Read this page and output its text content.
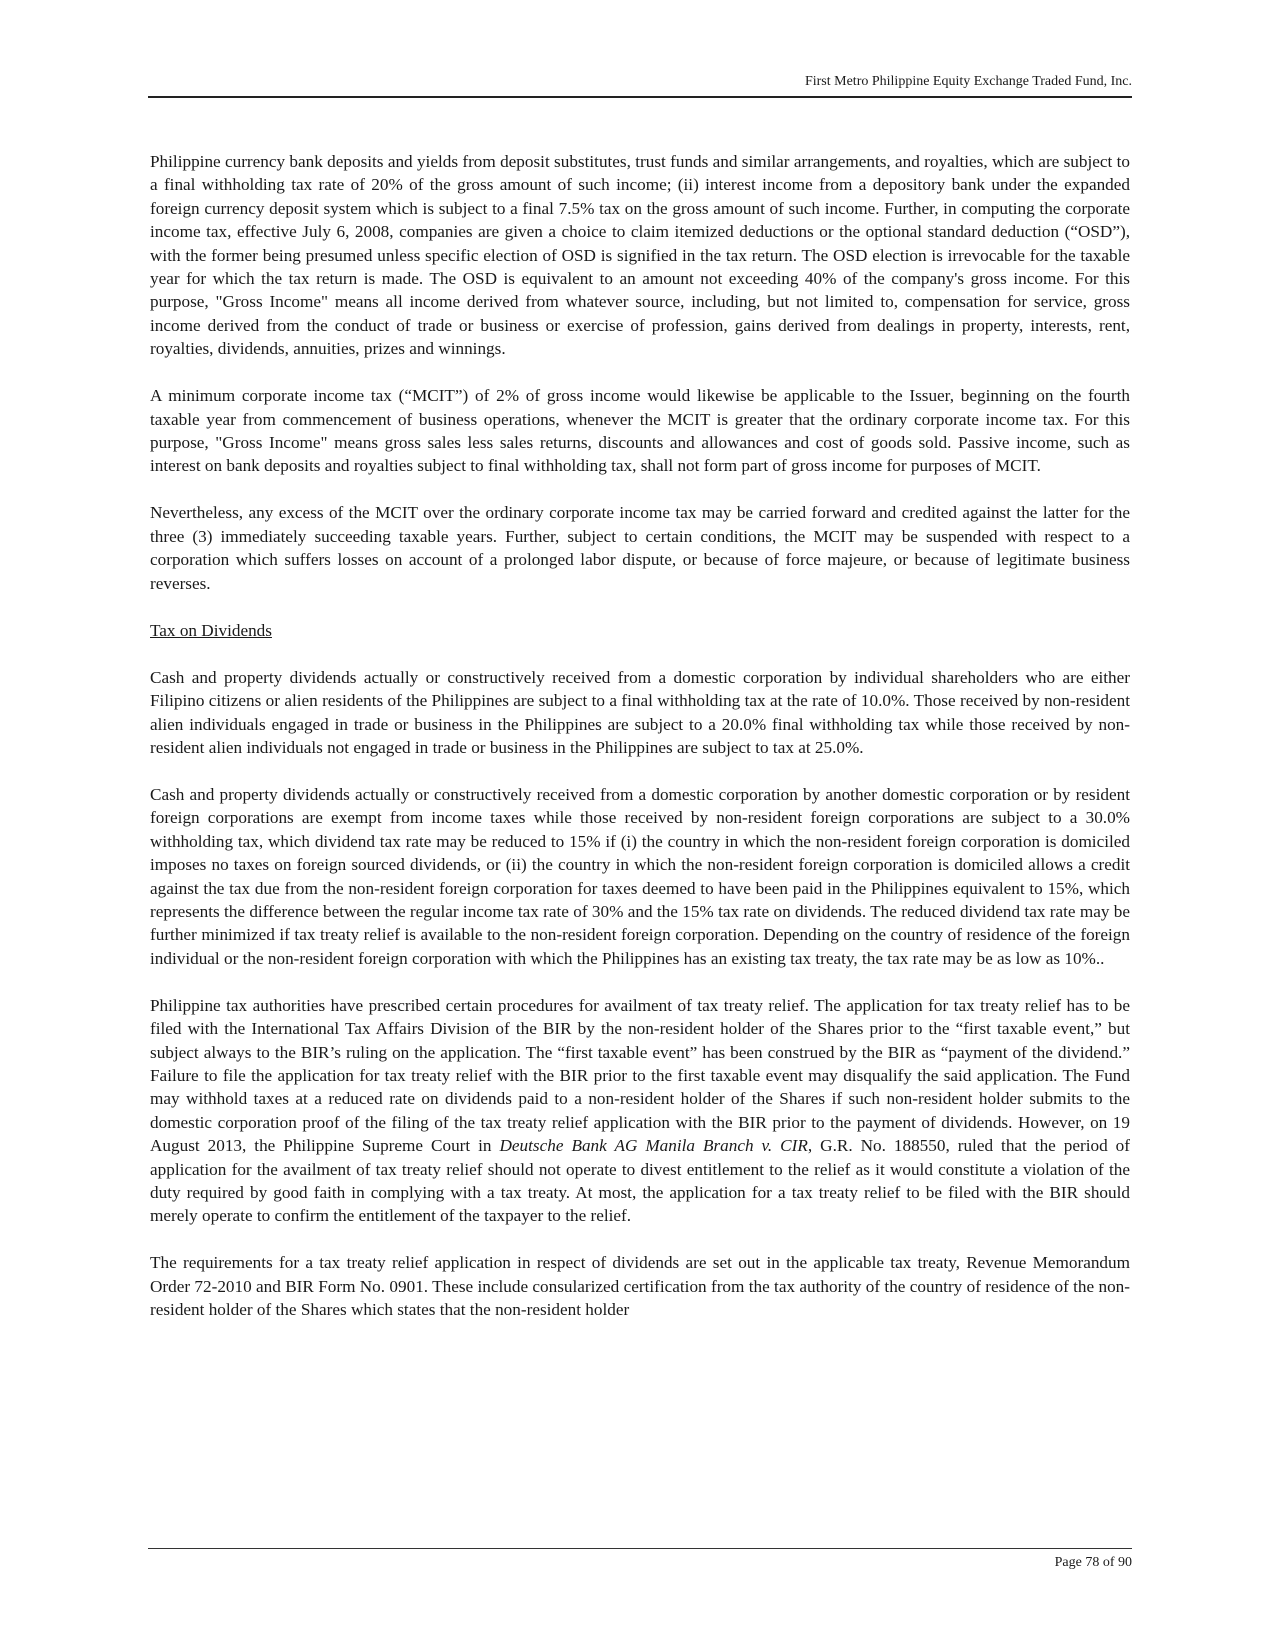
First Metro Philippine Equity Exchange Traded Fund, Inc.

Philippine currency bank deposits and yields from deposit substitutes, trust funds and similar arrangements, and royalties, which are subject to a final withholding tax rate of 20% of the gross amount of such income; (ii) interest income from a depository bank under the expanded foreign currency deposit system which is subject to a final 7.5% tax on the gross amount of such income. Further, in computing the corporate income tax, effective July 6, 2008, companies are given a choice to claim itemized deductions or the optional standard deduction (“OSD”), with the former being presumed unless specific election of OSD is signified in the tax return. The OSD election is irrevocable for the taxable year for which the tax return is made. The OSD is equivalent to an amount not exceeding 40% of the company's gross income. For this purpose, "Gross Income" means all income derived from whatever source, including, but not limited to, compensation for service, gross income derived from the conduct of trade or business or exercise of profession, gains derived from dealings in property, interests, rent, royalties, dividends, annuities, prizes and winnings.

A minimum corporate income tax (“MCIT”) of 2% of gross income would likewise be applicable to the Issuer, beginning on the fourth taxable year from commencement of business operations, whenever the MCIT is greater that the ordinary corporate income tax. For this purpose, "Gross Income" means gross sales less sales returns, discounts and allowances and cost of goods sold. Passive income, such as interest on bank deposits and royalties subject to final withholding tax, shall not form part of gross income for purposes of MCIT.

Nevertheless, any excess of the MCIT over the ordinary corporate income tax may be carried forward and credited against the latter for the three (3) immediately succeeding taxable years. Further, subject to certain conditions, the MCIT may be suspended with respect to a corporation which suffers losses on account of a prolonged labor dispute, or because of force majeure, or because of legitimate business reverses.

Tax on Dividends

Cash and property dividends actually or constructively received from a domestic corporation by individual shareholders who are either Filipino citizens or alien residents of the Philippines are subject to a final withholding tax at the rate of 10.0%. Those received by non-resident alien individuals engaged in trade or business in the Philippines are subject to a 20.0% final withholding tax while those received by non-resident alien individuals not engaged in trade or business in the Philippines are subject to tax at 25.0%.

Cash and property dividends actually or constructively received from a domestic corporation by another domestic corporation or by resident foreign corporations are exempt from income taxes while those received by non-resident foreign corporations are subject to a 30.0% withholding tax, which dividend tax rate may be reduced to 15% if (i) the country in which the non-resident foreign corporation is domiciled imposes no taxes on foreign sourced dividends, or (ii) the country in which the non-resident foreign corporation is domiciled allows a credit against the tax due from the non-resident foreign corporation for taxes deemed to have been paid in the Philippines equivalent to 15%, which represents the difference between the regular income tax rate of 30% and the 15% tax rate on dividends. The reduced dividend tax rate may be further minimized if tax treaty relief is available to the non-resident foreign corporation. Depending on the country of residence of the foreign individual or the non-resident foreign corporation with which the Philippines has an existing tax treaty, the tax rate may be as low as 10%..

Philippine tax authorities have prescribed certain procedures for availment of tax treaty relief. The application for tax treaty relief has to be filed with the International Tax Affairs Division of the BIR by the non-resident holder of the Shares prior to the “first taxable event,” but subject always to the BIR’s ruling on the application. The “first taxable event” has been construed by the BIR as “payment of the dividend.” Failure to file the application for tax treaty relief with the BIR prior to the first taxable event may disqualify the said application. The Fund may withhold taxes at a reduced rate on dividends paid to a non-resident holder of the Shares if such non-resident holder submits to the domestic corporation proof of the filing of the tax treaty relief application with the BIR prior to the payment of dividends. However, on 19 August 2013, the Philippine Supreme Court in Deutsche Bank AG Manila Branch v. CIR, G.R. No. 188550, ruled that the period of application for the availment of tax treaty relief should not operate to divest entitlement to the relief as it would constitute a violation of the duty required by good faith in complying with a tax treaty. At most, the application for a tax treaty relief to be filed with the BIR should merely operate to confirm the entitlement of the taxpayer to the relief.

The requirements for a tax treaty relief application in respect of dividends are set out in the applicable tax treaty, Revenue Memorandum Order 72-2010 and BIR Form No. 0901. These include consularized certification from the tax authority of the country of residence of the non-resident holder of the Shares which states that the non-resident holder

Page 78 of 90
